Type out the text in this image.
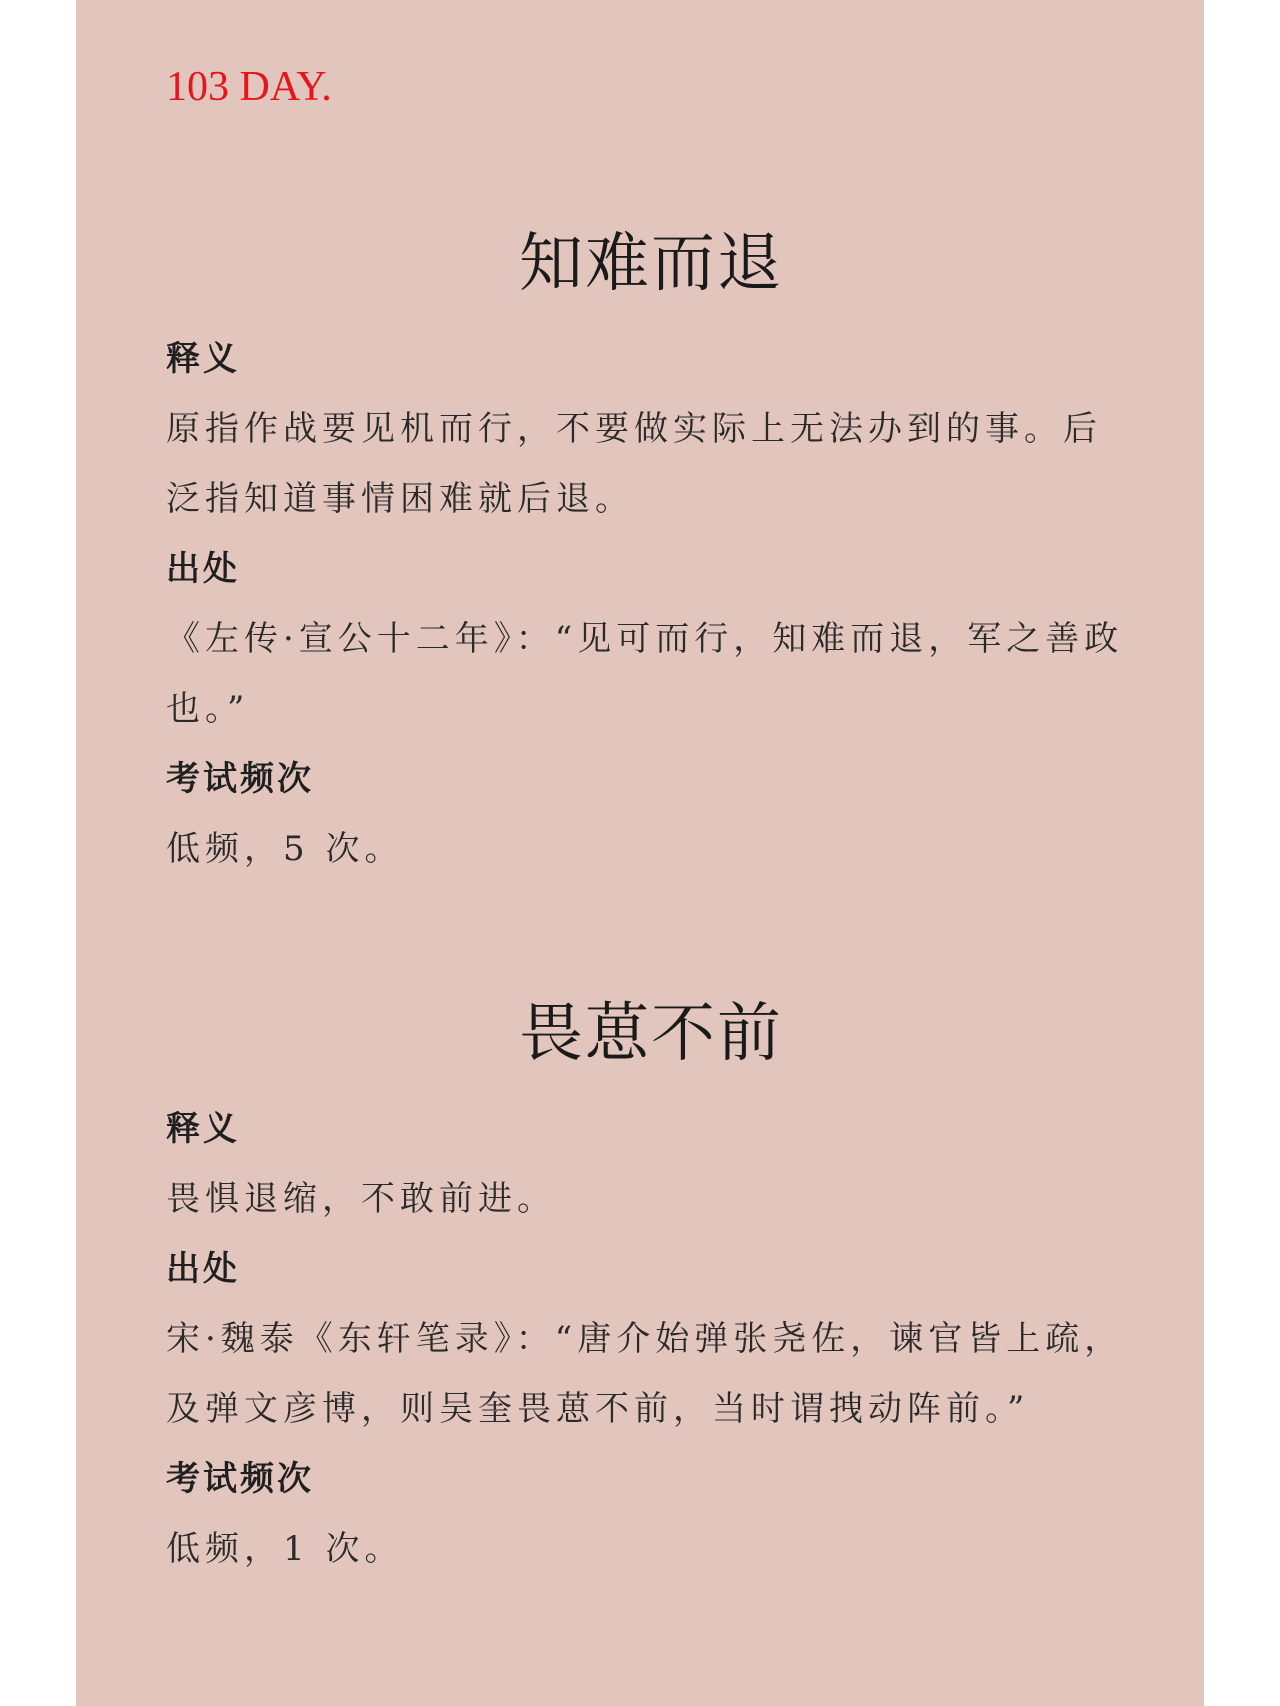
103 DAY.
知难而退
释义
原指作战要见机而行，不要做实际上无法办到的事。后泛指知道事情困难就后退。
出处
《左传·宣公十二年》：“见可而行，知难而退，军之善政也。”
考试频次
低频，5 次。
畏葸不前
释义
畏惧退缩，不敢前进。
出处
宋·魏泰《东轩笔录》：“唐介始弹张尧佐，谏官皆上疏，及弹文彦博，则吴奎畏葸不前，当时谓拽动阵前。”
考试频次
低频，1 次。
